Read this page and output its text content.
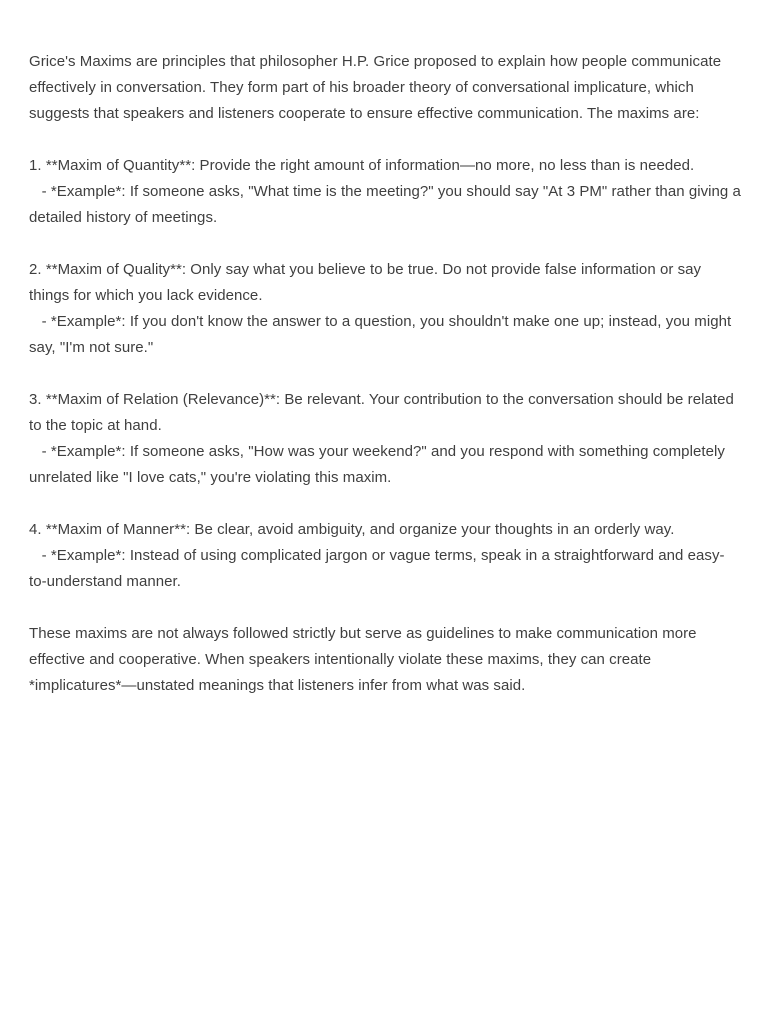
Grice's Maxims are principles that philosopher H.P. Grice proposed to explain how people communicate effectively in conversation. They form part of his broader theory of conversational implicature, which suggests that speakers and listeners cooperate to ensure effective communication. The maxims are:

1. **Maxim of Quantity**: Provide the right amount of information—no more, no less than is needed.

- *Example*: If someone asks, "What time is the meeting?" you should say "At 3 PM" rather than giving a detailed history of meetings.

2. **Maxim of Quality**: Only say what you believe to be true. Do not provide false information or say things for which you lack evidence.

- *Example*: If you don't know the answer to a question, you shouldn't make one up; instead, you might say, "I'm not sure."

3. **Maxim of Relation (Relevance)**: Be relevant. Your contribution to the conversation should be related to the topic at hand.

- *Example*: If someone asks, "How was your weekend?" and you respond with something completely unrelated like "I love cats," you're violating this maxim.

4. **Maxim of Manner**: Be clear, avoid ambiguity, and organize your thoughts in an orderly way.

- *Example*: Instead of using complicated jargon or vague terms, speak in a straightforward and easy-to-understand manner.

These maxims are not always followed strictly but serve as guidelines to make communication more effective and cooperative. When speakers intentionally violate these maxims, they can create *implicatures*—unstated meanings that listeners infer from what was said.
